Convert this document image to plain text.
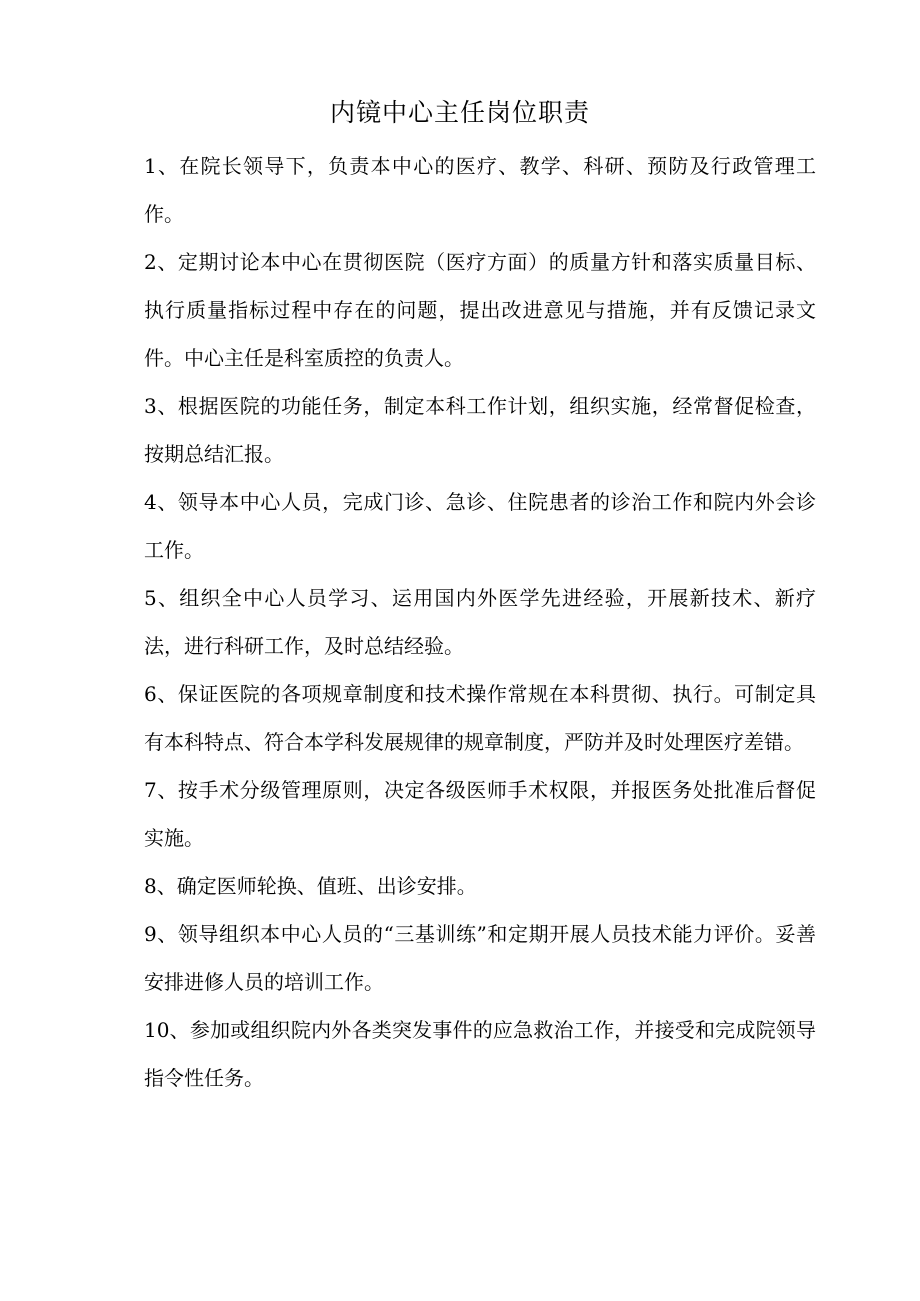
内镜中心主任岗位职责

1、在院长领导下，负责本中心的医疗、教学、科研、预防及行政管理工作。

2、定期讨论本中心在贯彻医院（医疗方面）的质量方针和落实质量目标、执行质量指标过程中存在的问题，提出改进意见与措施，并有反馈记录文件。中心主任是科室质控的负责人。

3、根据医院的功能任务，制定本科工作计划，组织实施，经常督促检查，按期总结汇报。

4、领导本中心人员，完成门诊、急诊、住院患者的诊治工作和院内外会诊工作。

5、组织全中心人员学习、运用国内外医学先进经验，开展新技术、新疗法，进行科研工作，及时总结经验。

6、保证医院的各项规章制度和技术操作常规在本科贯彻、执行。可制定具有本科特点、符合本学科发展规律的规章制度，严防并及时处理医疗差错。

7、按手术分级管理原则，决定各级医师手术权限，并报医务处批准后督促实施。

8、确定医师轮换、值班、出诊安排。

9、领导组织本中心人员的“三基训练”和定期开展人员技术能力评价。妥善安排进修人员的培训工作。

10、参加或组织院内外各类突发事件的应急救治工作，并接受和完成院领导指令性任务。
